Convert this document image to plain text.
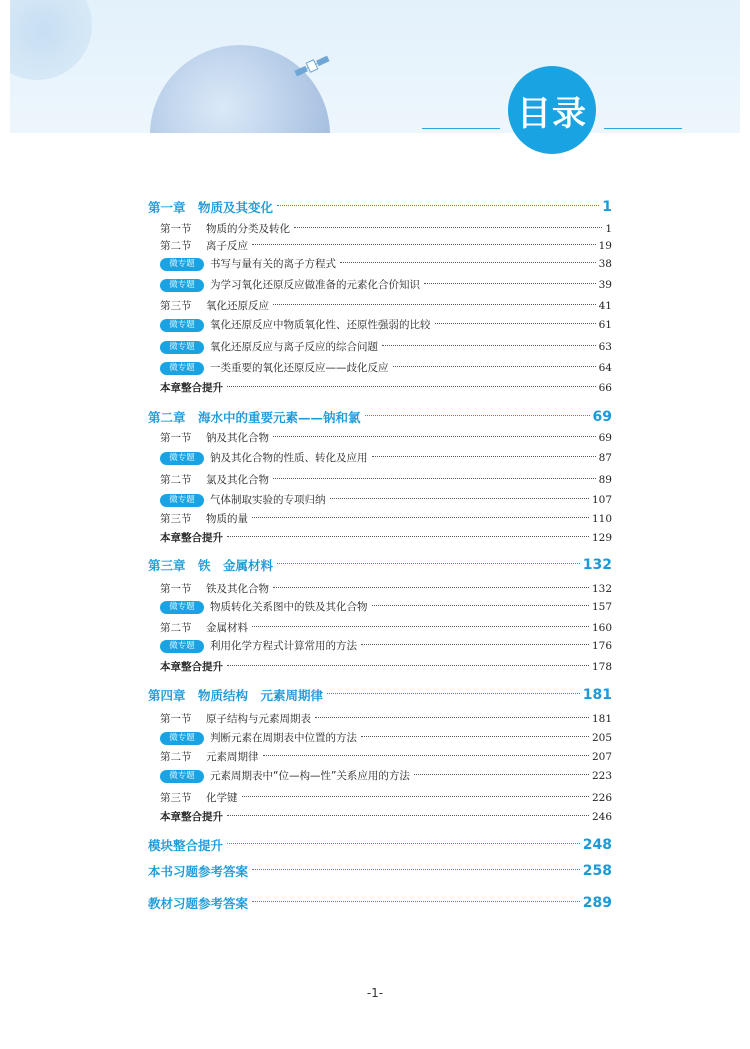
目录
第一章　物质及其变化	1
第一节 物质的分类及转化	1
第二节 离子反应	19
微专题 书写与量有关的离子方程式	38
微专题 为学习氧化还原反应做准备的元素化合价知识	39
第三节 氧化还原反应	41
微专题 氧化还原反应中物质氧化性、还原性强弱的比较	61
微专题 氧化还原反应与离子反应的综合问题	63
微专题 一类重要的氧化还原反应——歧化反应	64
本章整合提升	66
第二章　海水中的重要元素——钠和氯	69
第一节 钠及其化合物	69
微专题 钠及其化合物的性质、转化及应用	87
第二节 氯及其化合物	89
微专题 气体制取实验的专项归纳	107
第三节 物质的量	110
本章整合提升	129
第三章　铁　金属材料	132
第一节 铁及其化合物	132
微专题 物质转化关系图中的铁及其化合物	157
第二节 金属材料	160
微专题 利用化学方程式计算常用的方法	176
本章整合提升	178
第四章　物质结构　元素周期律	181
第一节 原子结构与元素周期表	181
微专题 判断元素在周期表中位置的方法	205
第二节 元素周期律	207
微专题 元素周期表中“位—构—性”关系应用的方法	223
第三节 化学键	226
本章整合提升	246
模块整合提升	248
本书习题参考答案	258
教材习题参考答案	289
-1-
